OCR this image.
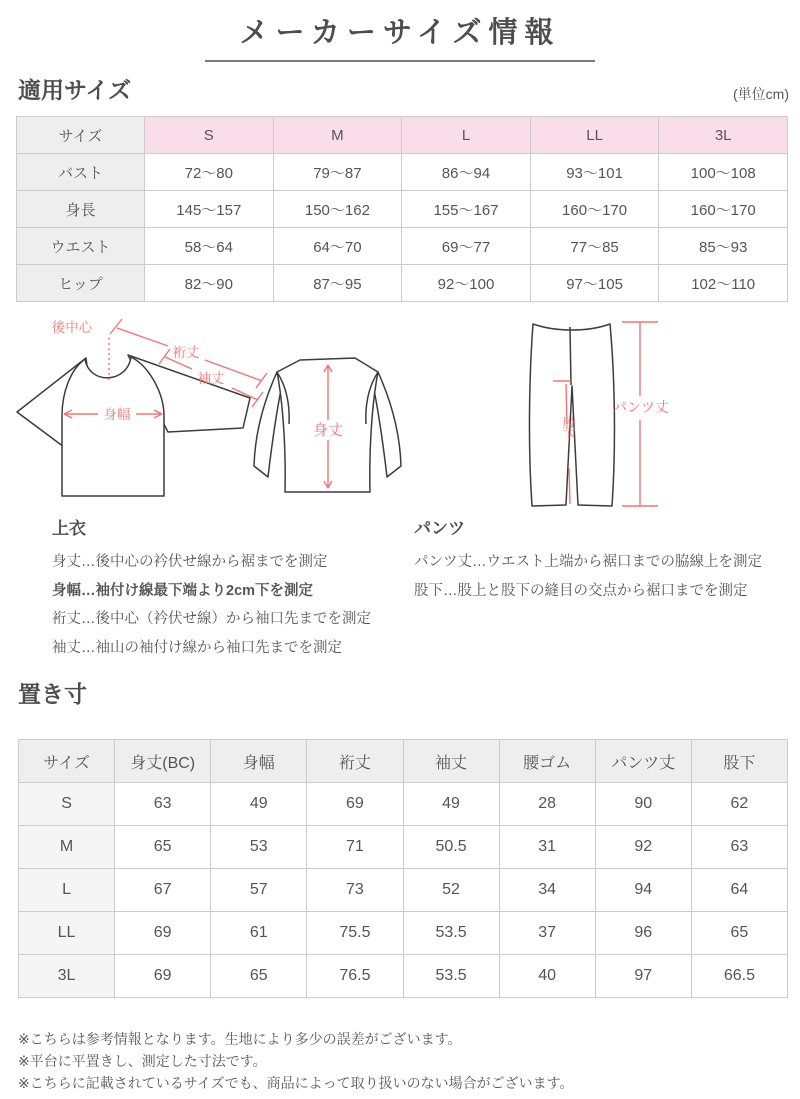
メーカーサイズ情報
適用サイズ	(単位cm)
サイズ	S	M	L	LL	3L
バスト	72〜80	79〜87	86〜94	93〜101	100〜108
身長	145〜157	150〜162	155〜167	160〜170	160〜170
ウエスト	58〜64	64〜70	69〜77	77〜85	85〜93
ヒップ	82〜90	87〜95	92〜100	97〜105	102〜110
後中心
裄丈
袖丈
身幅
身丈
パンツ丈
股下

上衣

身丈…後中心の衿伏せ線から裾までを測定

身幅…袖付け線最下端より2cm下を測定

裄丈…後中心（衿伏せ線）から袖口先までを測定

袖丈…袖山の袖付け線から袖口先までを測定

パンツ

パンツ丈…ウエスト上端から裾口までの脇線上を測定

股下…股上と股下の縫目の交点から裾口までを測定

置き寸
サイズ	身丈(BC)	身幅	裄丈	袖丈	腰ゴム	パンツ丈	股下
S	63	49	69	49	28	90	62
M	65	53	71	50.5	31	92	63
L	67	57	73	52	34	94	64
LL	69	61	75.5	53.5	37	96	65
3L	69	65	76.5	53.5	40	97	66.5

※こちらは参考情報となります。生地により多少の誤差がございます。

※平台に平置きし、測定した寸法です。

※こちらに記載されているサイズでも、商品によって取り扱いのない場合がございます。
